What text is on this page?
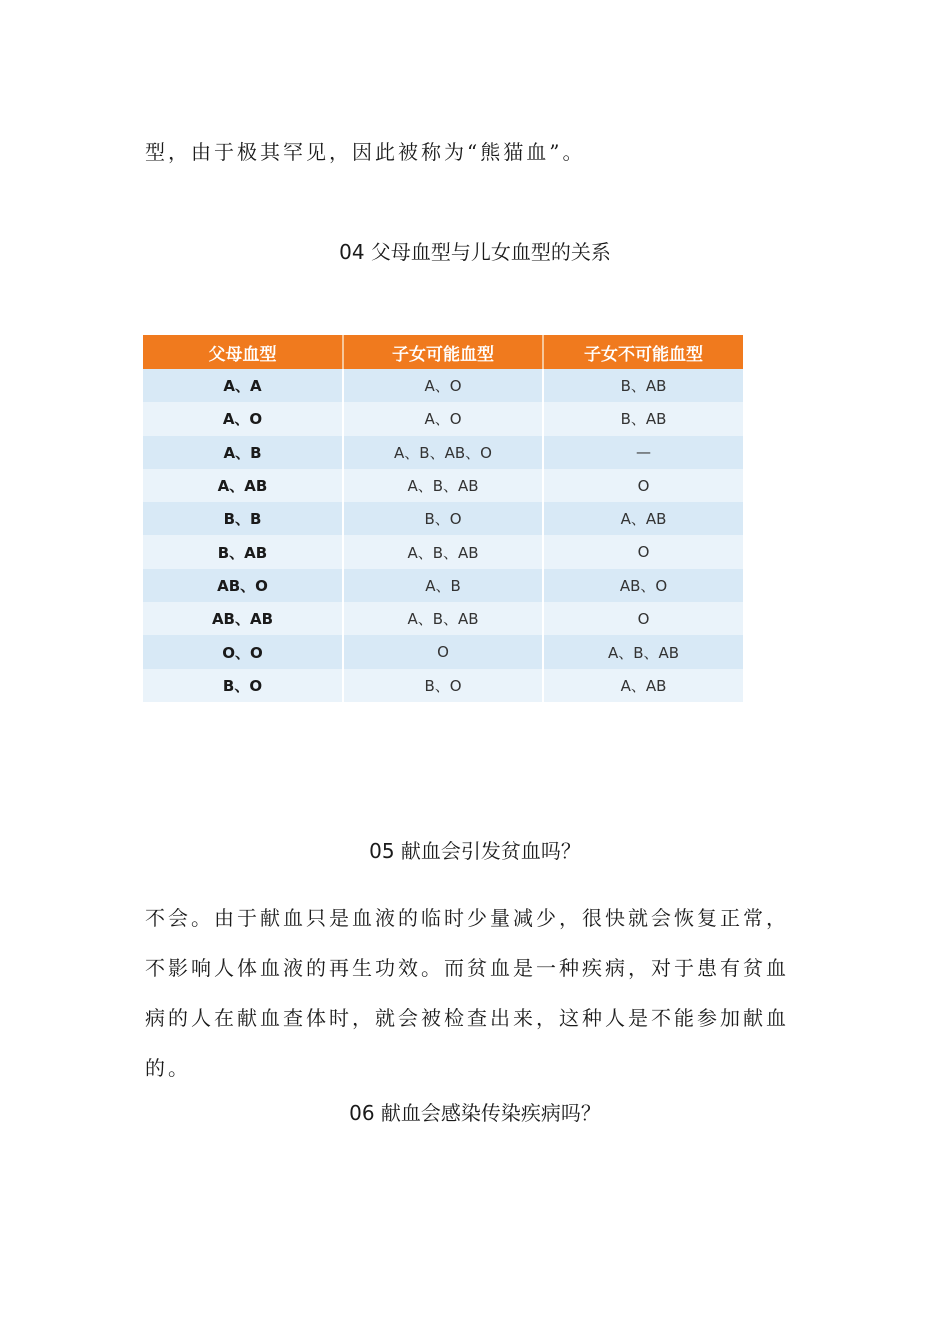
型，由于极其罕见，因此被称为“熊猫血”。

04 父母血型与儿女血型的关系
父母血型	子女可能血型	子女不可能血型
A、A	A、O	B、AB
A、O	A、O	B、AB
A、B	A、B、AB、O	—
A、AB	A、B、AB	O
B、B	B、O	A、AB
B、AB	A、B、AB	O
AB、O	A、B	AB、O
AB、AB	A、B、AB	O
O、O	O	A、B、AB
B、O	B、O	A、AB
05 献血会引发贫血吗？

不会。由于献血只是血液的临时少量减少，很快就会恢复正常，不影响人体血液的再生功效。而贫血是一种疾病，对于患有贫血病的人在献血查体时，就会被检查出来，这种人是不能参加献血的。

06 献血会感染传染疾病吗？
